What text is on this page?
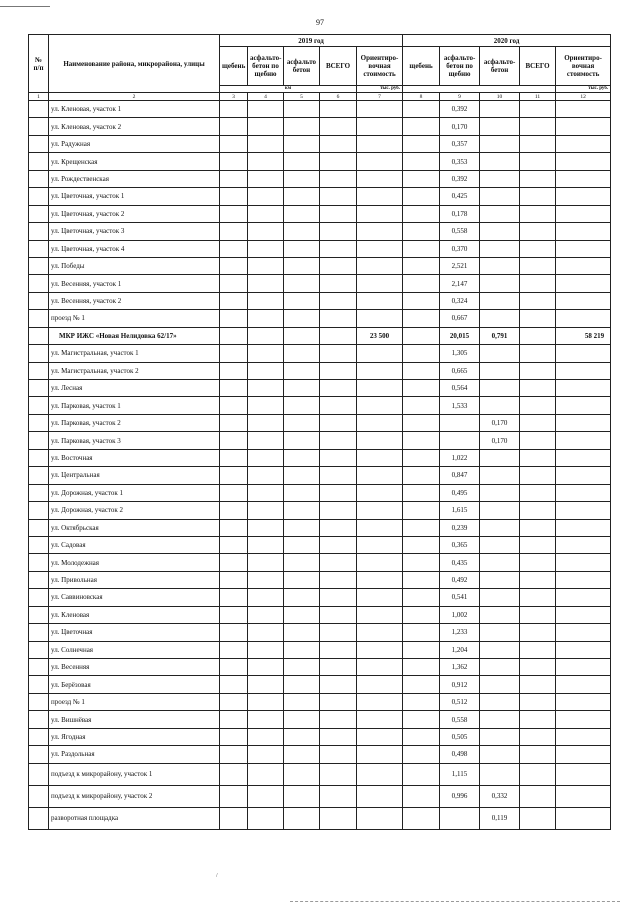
97
№
п/п	Наименование района, микрорайона, улицы	2019 год					2020 год				
		щебень	асфальто-
бетон по
щебню	асфальто
бетон	ВСЕГО	Ориентиро-
вочная
стоимость	щебень	асфальто-
бетон по
щебню	асфальто-
бетон	ВСЕГО	Ориентиро-
вочная
стоимость
		км				тыс. руб.					тыс. руб.
1	2	3	4	5	6	7	8	9	10	11	12
	ул. Кленовая, участок 1							0,392			
	ул. Кленовая, участок 2							0,170			
	ул. Радужная							0,357			
	ул. Крещенская							0,353			
	ул. Рождественская							0,392			
	ул. Цветочная, участок 1							0,425			
	ул. Цветочная, участок 2							0,178			
	ул. Цветочная, участок 3							0,558			
	ул. Цветочная, участок 4							0,370			
	ул. Победы							2,521			
	ул. Весенняя, участок 1							2,147			
	ул. Весенняя, участок 2							0,324			
	проезд № 1							0,667			
	МКР ИЖС «Новая Нелидовка 62/17»					23 500		20,015	0,791		58 219
	ул. Магистральная, участок 1							1,305			
	ул. Магистральная, участок 2							0,665			
	ул. Лесная							0,564			
	ул. Парковая, участок 1							1,533			
	ул. Парковая, участок 2								0,170		
	ул. Парковая, участок 3								0,170		
	ул. Восточная							1,022			
	ул. Центральная							0,847			
	ул. Дорожная, участок 1							0,495			
	ул. Дорожная, участок 2							1,615			
	ул. Октябрьская							0,239			
	ул. Садовая							0,365			
	ул. Молодежная							0,435			
	ул. Привольная							0,492			
	ул. Саввиновская							0,541			
	ул. Кленовая							1,002			
	ул. Цветочная							1,233			
	ул. Солнечная							1,204			
	ул. Весенняя							1,362			
	ул. Берёзовая							0,912			
	проезд № 1							0,512			
	ул. Вишнёвая							0,558			
	ул. Ягодная							0,505			
	ул. Раздольная							0,498			
	подъезд к микрорайону, участок 1							1,115			
	подъезд к микрорайону, участок 2							0,996	0,332		
	разворотная площадка								0,119		
/
